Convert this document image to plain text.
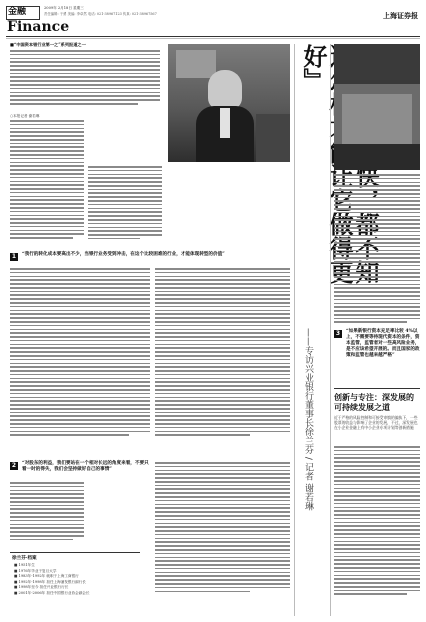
金融
Finance
2009年 2月18日 星期三
责任编辑: 于勇 美编: 李卓然 电话: 021-38967123 传真: 021-38967567	上海证券报
■“中国资本银行业第一之”系列报道之一
○本报记者 谢若琳
1	“我行的转化成本要高出不少，当银行业务受到冲击，在这个比较困难的行业，才能体现转型的价值”
2	“对股东的利益，我们要站在一个相对长远的角度来看，不要只看一时的得失，我们会坚持做好自己的事情”
徐兰芬·档案
■ 1951年生
■ 1976年毕业于复旦大学
■ 1983年-1992年 就职于上海工商银行
■ 1992年-1998年 担任上海浦发银行副行长
■ 1998年至今 担任兴业银行行长
■ 2001年-2006年 担任中国银行业协会副会长
快，都不 怎样才能让它做得更好』
——专访兴业银行董事长徐兰芬 / 记者 谢若琳	3	“如果新银行资本充足率比较 4%以上，不需要等待现代资本的条件，资本监管，监管者对一些高风险业务，是不应该希望开展的。而且国家的政策和监管也越来越严格”
创新与专注：深发展的可持续发展之道
近于严格的风险控制和可接受审慎的偏执下，一些股票的收益与影响了企业的发展，不过，深发展也在小企业金融上有中小企业专项计划等创新措施
